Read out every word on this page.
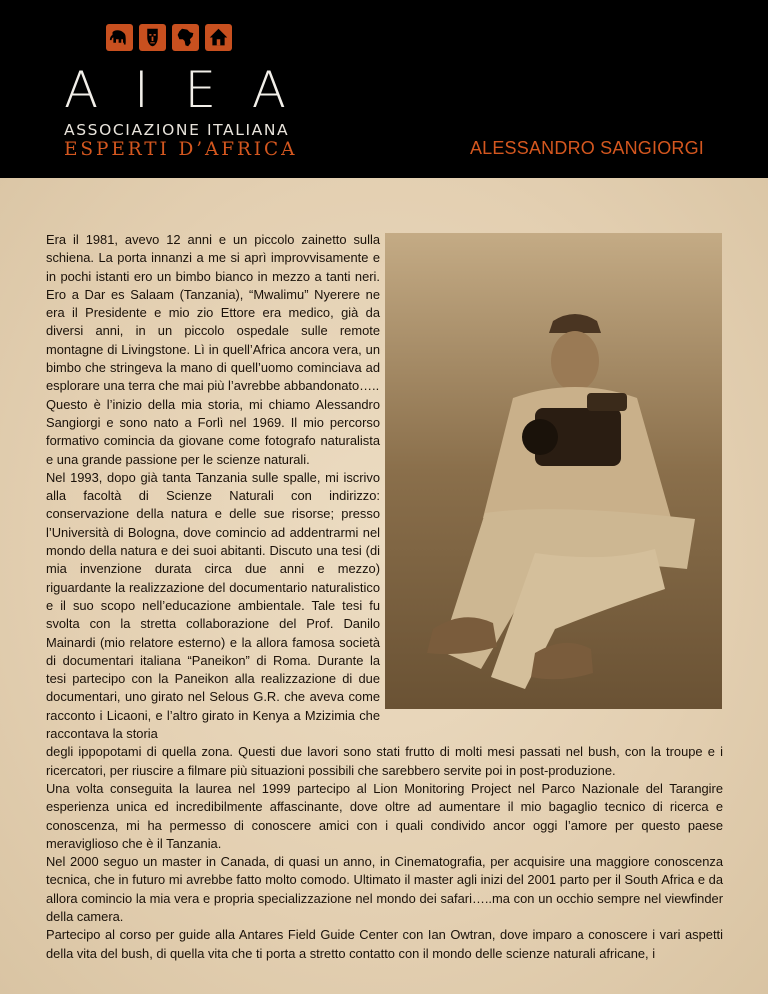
A I E A
ASSOCIAZIONE ITALIANA
ESPERTI D’AFRICA	ALESSANDRO SANGIORGI

Era il 1981, avevo 12 anni e un piccolo zainetto sulla schiena. La porta innanzi a me si aprì improvvisamente e in pochi istanti ero un bimbo bianco in mezzo a tanti neri. Ero a Dar es Salaam (Tanzania), “Mwalimu” Nyerere ne era il Presidente e mio zio Ettore era medico, già da diversi anni, in un piccolo ospedale sulle remote montagne di Livingstone. Lì in quell’Africa ancora vera, un bimbo che stringeva la mano di quell’uomo cominciava ad esplorare una terra che mai più l’avrebbe abbandonato…..

Questo è l’inizio della mia storia, mi chiamo Alessandro Sangiorgi e sono nato a Forlì nel 1969. Il mio percorso formativo comincia da giovane come fotografo naturalista e una grande passione per le scienze naturali.

Nel 1993, dopo già tanta Tanzania sulle spalle, mi iscrivo alla facoltà di Scienze Naturali con indirizzo: conservazione della natura e delle sue risorse; presso l’Università di Bologna, dove comincio ad addentrarmi nel mondo della natura e dei suoi abitanti. Discuto una tesi (di mia invenzione durata circa due anni e mezzo) riguardante la realizzazione del documentario naturalistico e il suo scopo nell’educazione ambientale. Tale tesi fu svolta con la stretta collaborazione del Prof. Danilo Mainardi (mio relatore esterno) e la allora famosa società di documentari italiana “Paneikon” di Roma. Durante la tesi partecipo con la Paneikon alla realizzazione di due documentari, uno girato nel Selous G.R. che aveva come racconto i Licaoni, e l’altro girato in Kenya a Mzizimia che raccontava la storia

degli ippopotami di quella zona. Questi due lavori sono stati frutto di molti mesi passati nel bush, con la troupe e i ricercatori, per riuscire a filmare più situazioni possibili che sarebbero servite poi in post-produzione.

Una volta conseguita la laurea nel 1999 partecipo al Lion Monitoring Project nel Parco Nazionale del Tarangire esperienza unica ed incredibilmente affascinante, dove oltre ad aumentare il mio bagaglio tecnico di ricerca e conoscenza, mi ha permesso di conoscere amici con i quali condivido ancor oggi l’amore per questo paese meraviglioso che è il Tanzania.

Nel 2000 seguo un master in Canada, di quasi un anno, in Cinematografia, per acquisire una maggiore conoscenza tecnica, che in futuro mi avrebbe fatto molto comodo. Ultimato il master agli inizi del 2001 parto per il South Africa e da allora comincio la mia vera e propria specializzazione nel mondo dei safari…..ma con un occhio sempre nel viewfinder della camera.

Partecipo al corso per guide alla Antares Field Guide Center con Ian Owtran, dove imparo a conoscere i vari aspetti della vita del bush, di quella vita che ti porta a stretto contatto con il mondo delle scienze naturali africane, i
